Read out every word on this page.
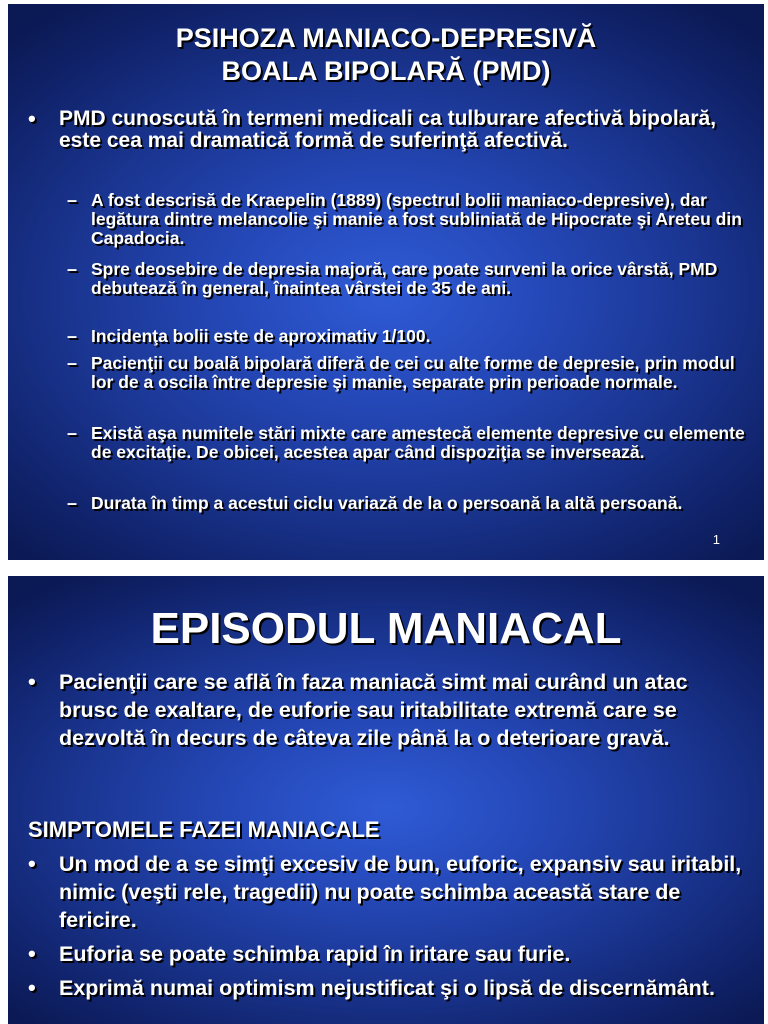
PSIHOZA MANIACO-DEPRESIVĂ
BOALA BIPOLARĂ (PMD)
• PMD cunoscută în termeni medicali ca tulburare afectivă bipolară, este cea mai dramatică formă de suferinţă afectivă.
– A fost descrisă de Kraepelin (1889) (spectrul bolii maniaco-depresive), dar legătura dintre melancolie şi manie a fost subliniată de Hipocrate şi Areteu din Capadocia.
– Spre deosebire de depresia majoră, care poate surveni la orice vârstă, PMD debutează în general, înaintea vârstei de 35 de ani.
– Incidenţa bolii este de aproximativ 1/100.
– Pacienţii cu boală bipolară diferă de cei cu alte forme de depresie, prin modul lor de a oscila între depresie şi manie, separate prin perioade normale.
– Există aşa numitele stări mixte care amestecă elemente depresive cu elemente de excitaţie. De obicei, acestea apar când dispoziţia se inversează.
– Durata în timp a acestui ciclu variază de la o persoană la altă persoană.
1
EPISODUL MANIACAL
• Pacienţii care se află în faza maniacă simt mai curând un atac brusc de exaltare, de euforie sau iritabilitate extremă care se dezvoltă în decurs de câteva zile până la o deterioare gravă.
SIMPTOMELE FAZEI MANIACALE
• Un mod de a se simţi excesiv de bun, euforic, expansiv sau iritabil, nimic (veşti rele, tragedii) nu poate schimba această stare de fericire.
• Euforia se poate schimba rapid în iritare sau furie.
• Exprimă numai optimism nejustificat şi o lipsă de discernământ.
